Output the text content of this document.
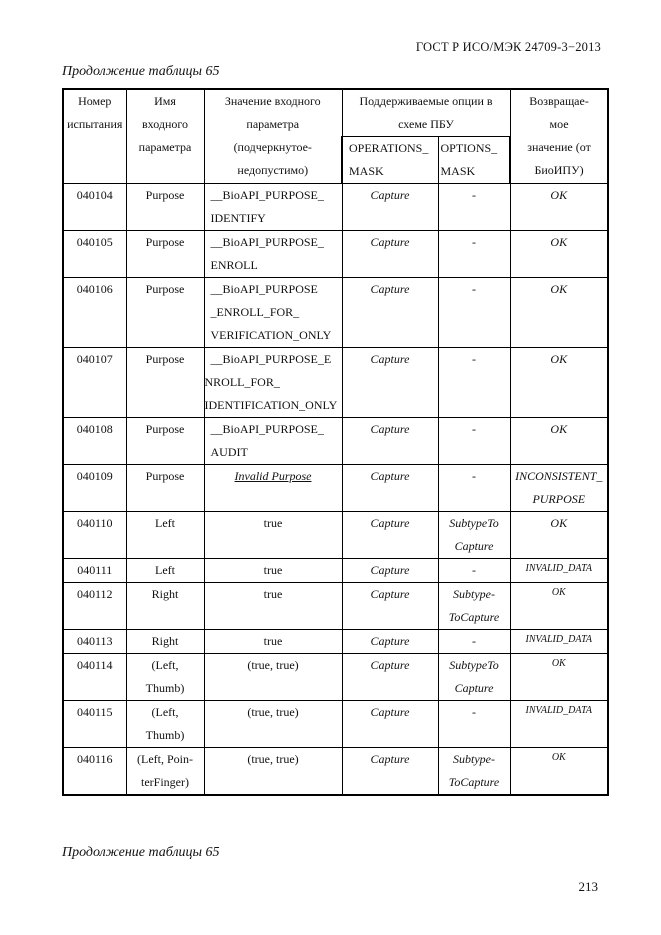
ГОСТ Р ИСО/МЭК 24709-3−2013
Продолжение таблицы 65
Номер
испытания	Имя
входного
параметра	Значение входного
параметра
(подчеркнутое-
недопустимо)	Поддерживаемые опции в
схеме ПБУ		Возвращае-
мое
значение (от
БиоИПУ)

			OPERATIONS_
MASK	OPTIONS_
MASK	

040104	Purpose	__BioAPI_PURPOSE_
IDENTIFY	Capture	-	OK

040105	Purpose	__BioAPI_PURPOSE_
ENROLL	Capture	-	OK

040106	Purpose	__BioAPI_PURPOSE
_ENROLL_FOR_
VERIFICATION_ONLY	Capture	-	OK

040107	Purpose	__BioAPI_PURPOSE_E
NROLL_FOR_
IDENTIFICATION_ONLY	Capture	-	OK

040108	Purpose	__BioAPI_PURPOSE_
AUDIT	Capture	-	OK

040109	Purpose	Invalid Purpose	Capture	-	INCONSISTENT_
PURPOSE

040110	Left	true	Capture	SubtypeTo
Capture	OK

040111	Left	true	Capture	-	INVALID_DATA

040112	Right	true	Capture	Subtype-
ToCapture	OK

040113	Right	true	Capture	-	INVALID_DATA

040114	(Left,
Thumb)	(true, true)	Capture	SubtypeTo
Capture	OK

040115	(Left,
Thumb)	(true, true)	Capture	-	INVALID_DATA

040116	(Left, Poin-
terFinger)	(true, true)	Capture	Subtype-
ToCapture	OK
Продолжение таблицы 65
213
